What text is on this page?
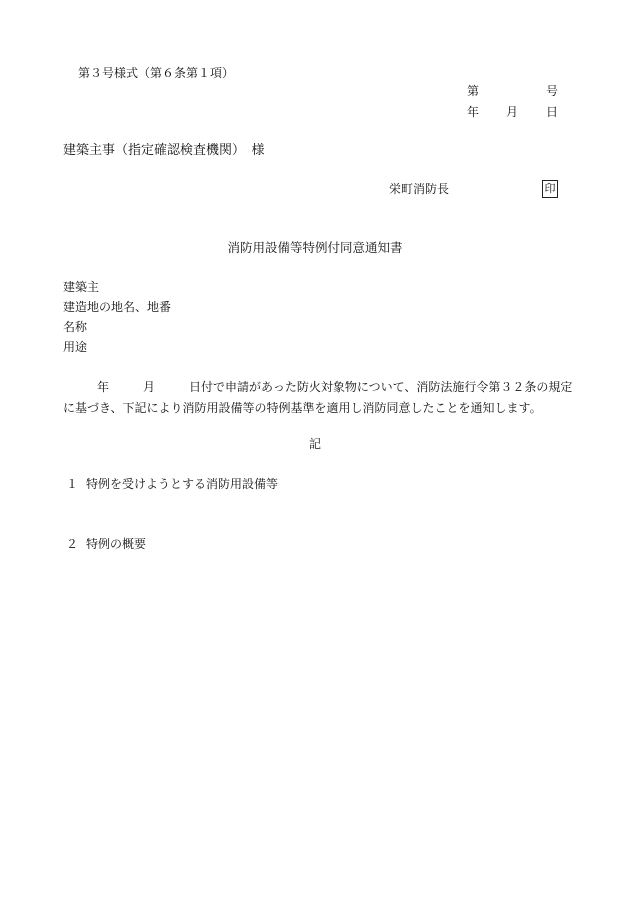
第３号様式（第６条第１項）
第	号
年 月 日
建築主事（指定確認検査機関）　様
栄町消防長	印
消防用設備等特例付同意通知書
建築主
建造地の地名、地番
名称
用途
年	月	日付で申請があった防火対象物について、消防法施行令第３２条の規定
に基づき、下記により消防用設備等の特例基準を適用し消防同意したことを通知します。
記
１ 特例を受けようとする消防用設備等
２ 特例の概要
